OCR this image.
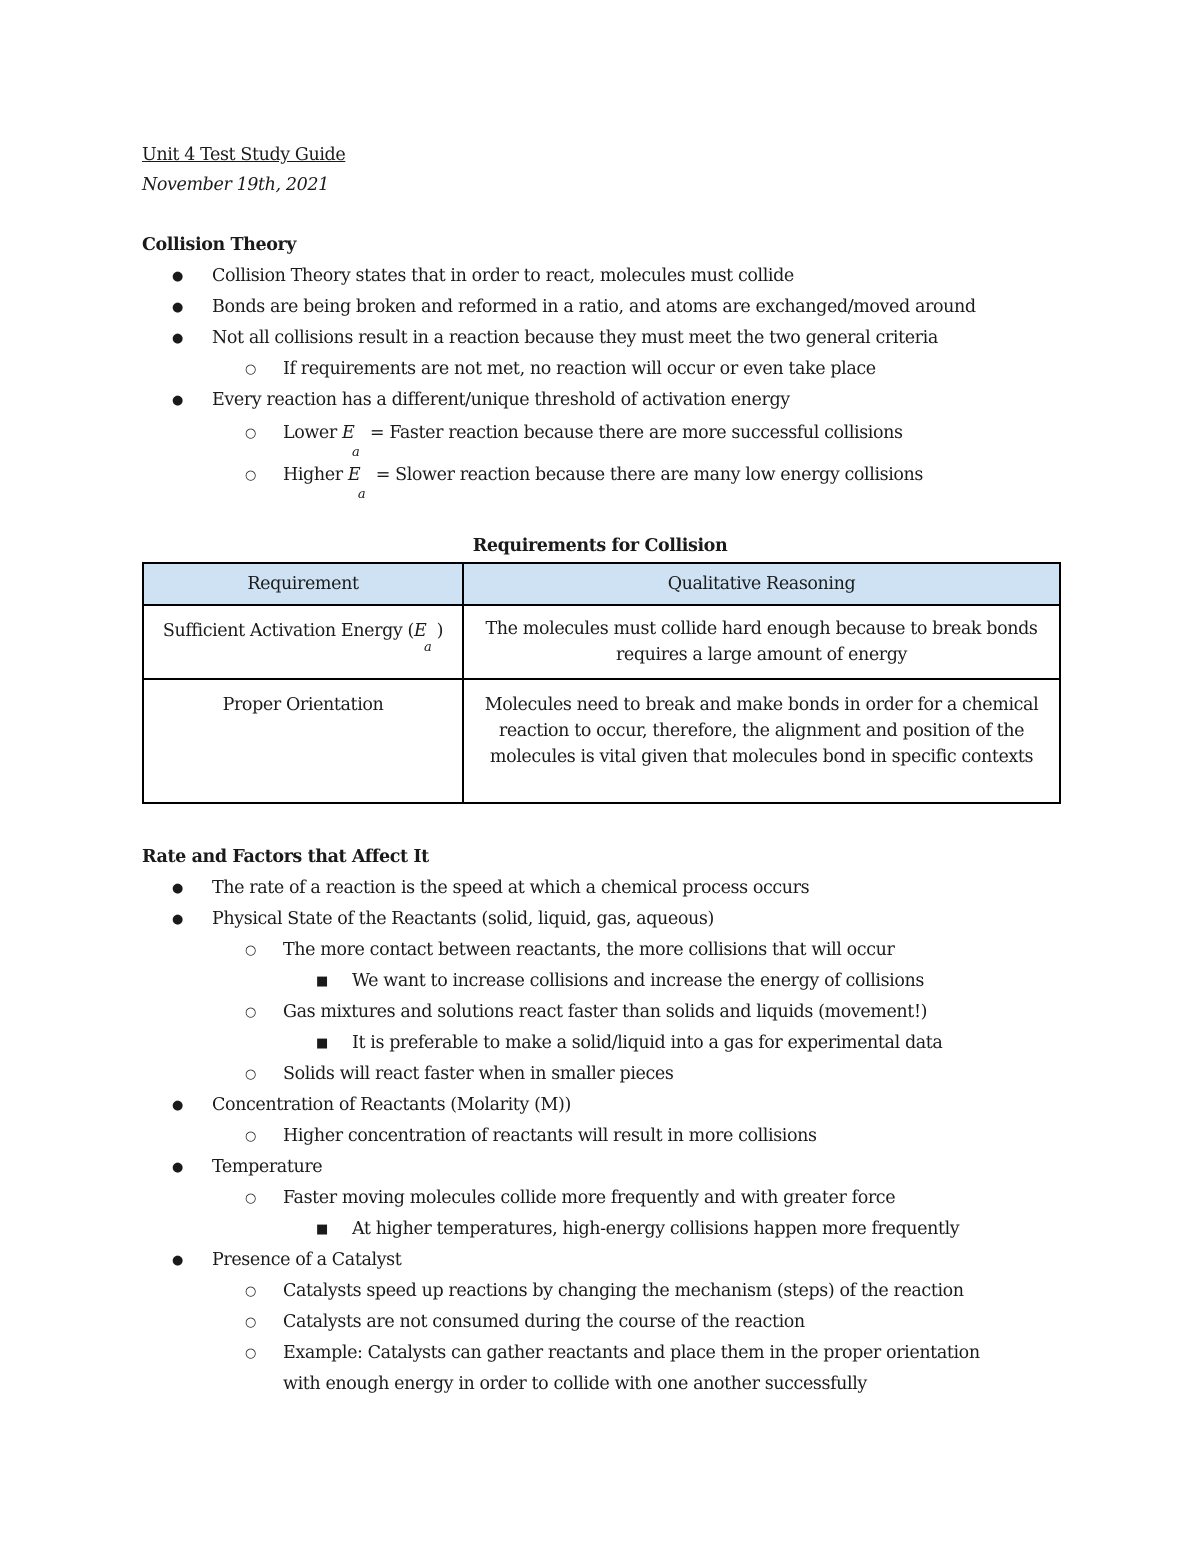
Unit 4 Test Study Guide
November 19th, 2021
Collision Theory
Requirements for Collision
Requirement	Qualitative Reasoning
Sufficient Activation Energy (E
a
)	The molecules must collide hard enough because to break bonds requires a large amount of energy
Proper Orientation	Molecules need to break and make bonds in order for a chemical reaction to occur, therefore, the alignment and position of the molecules is vital given that molecules bond in specific contexts
Rate and Factors that Affect It
● Collision Theory states that in order to react, molecules must collide
● Bonds are being broken and reformed in a ratio, and atoms are exchanged/moved around
● Not all collisions result in a reaction because they must meet the two general criteria
○ If requirements are not met, no reaction will occur or even take place
● Every reaction has a different/unique threshold of activation energy
○ Lower E
a
= Faster reaction because there are more successful collisions
○ Higher E
a
= Slower reaction because there are many low energy collisions
● The rate of a reaction is the speed at which a chemical process occurs
● Physical State of the Reactants (solid, liquid, gas, aqueous)
○ The more contact between reactants, the more collisions that will occur
■ We want to increase collisions and increase the energy of collisions
○ Gas mixtures and solutions react faster than solids and liquids (movement!)
■ It is preferable to make a solid/liquid into a gas for experimental data
○ Solids will react faster when in smaller pieces
● Concentration of Reactants (Molarity (M))
○ Higher concentration of reactants will result in more collisions
● Temperature
○ Faster moving molecules collide more frequently and with greater force
■ At higher temperatures, high-energy collisions happen more frequently
● Presence of a Catalyst
○ Catalysts speed up reactions by changing the mechanism (steps) of the reaction
○ Catalysts are not consumed during the course of the reaction
○ Example: Catalysts can gather reactants and place them in the proper orientation
with enough energy in order to collide with one another successfully
